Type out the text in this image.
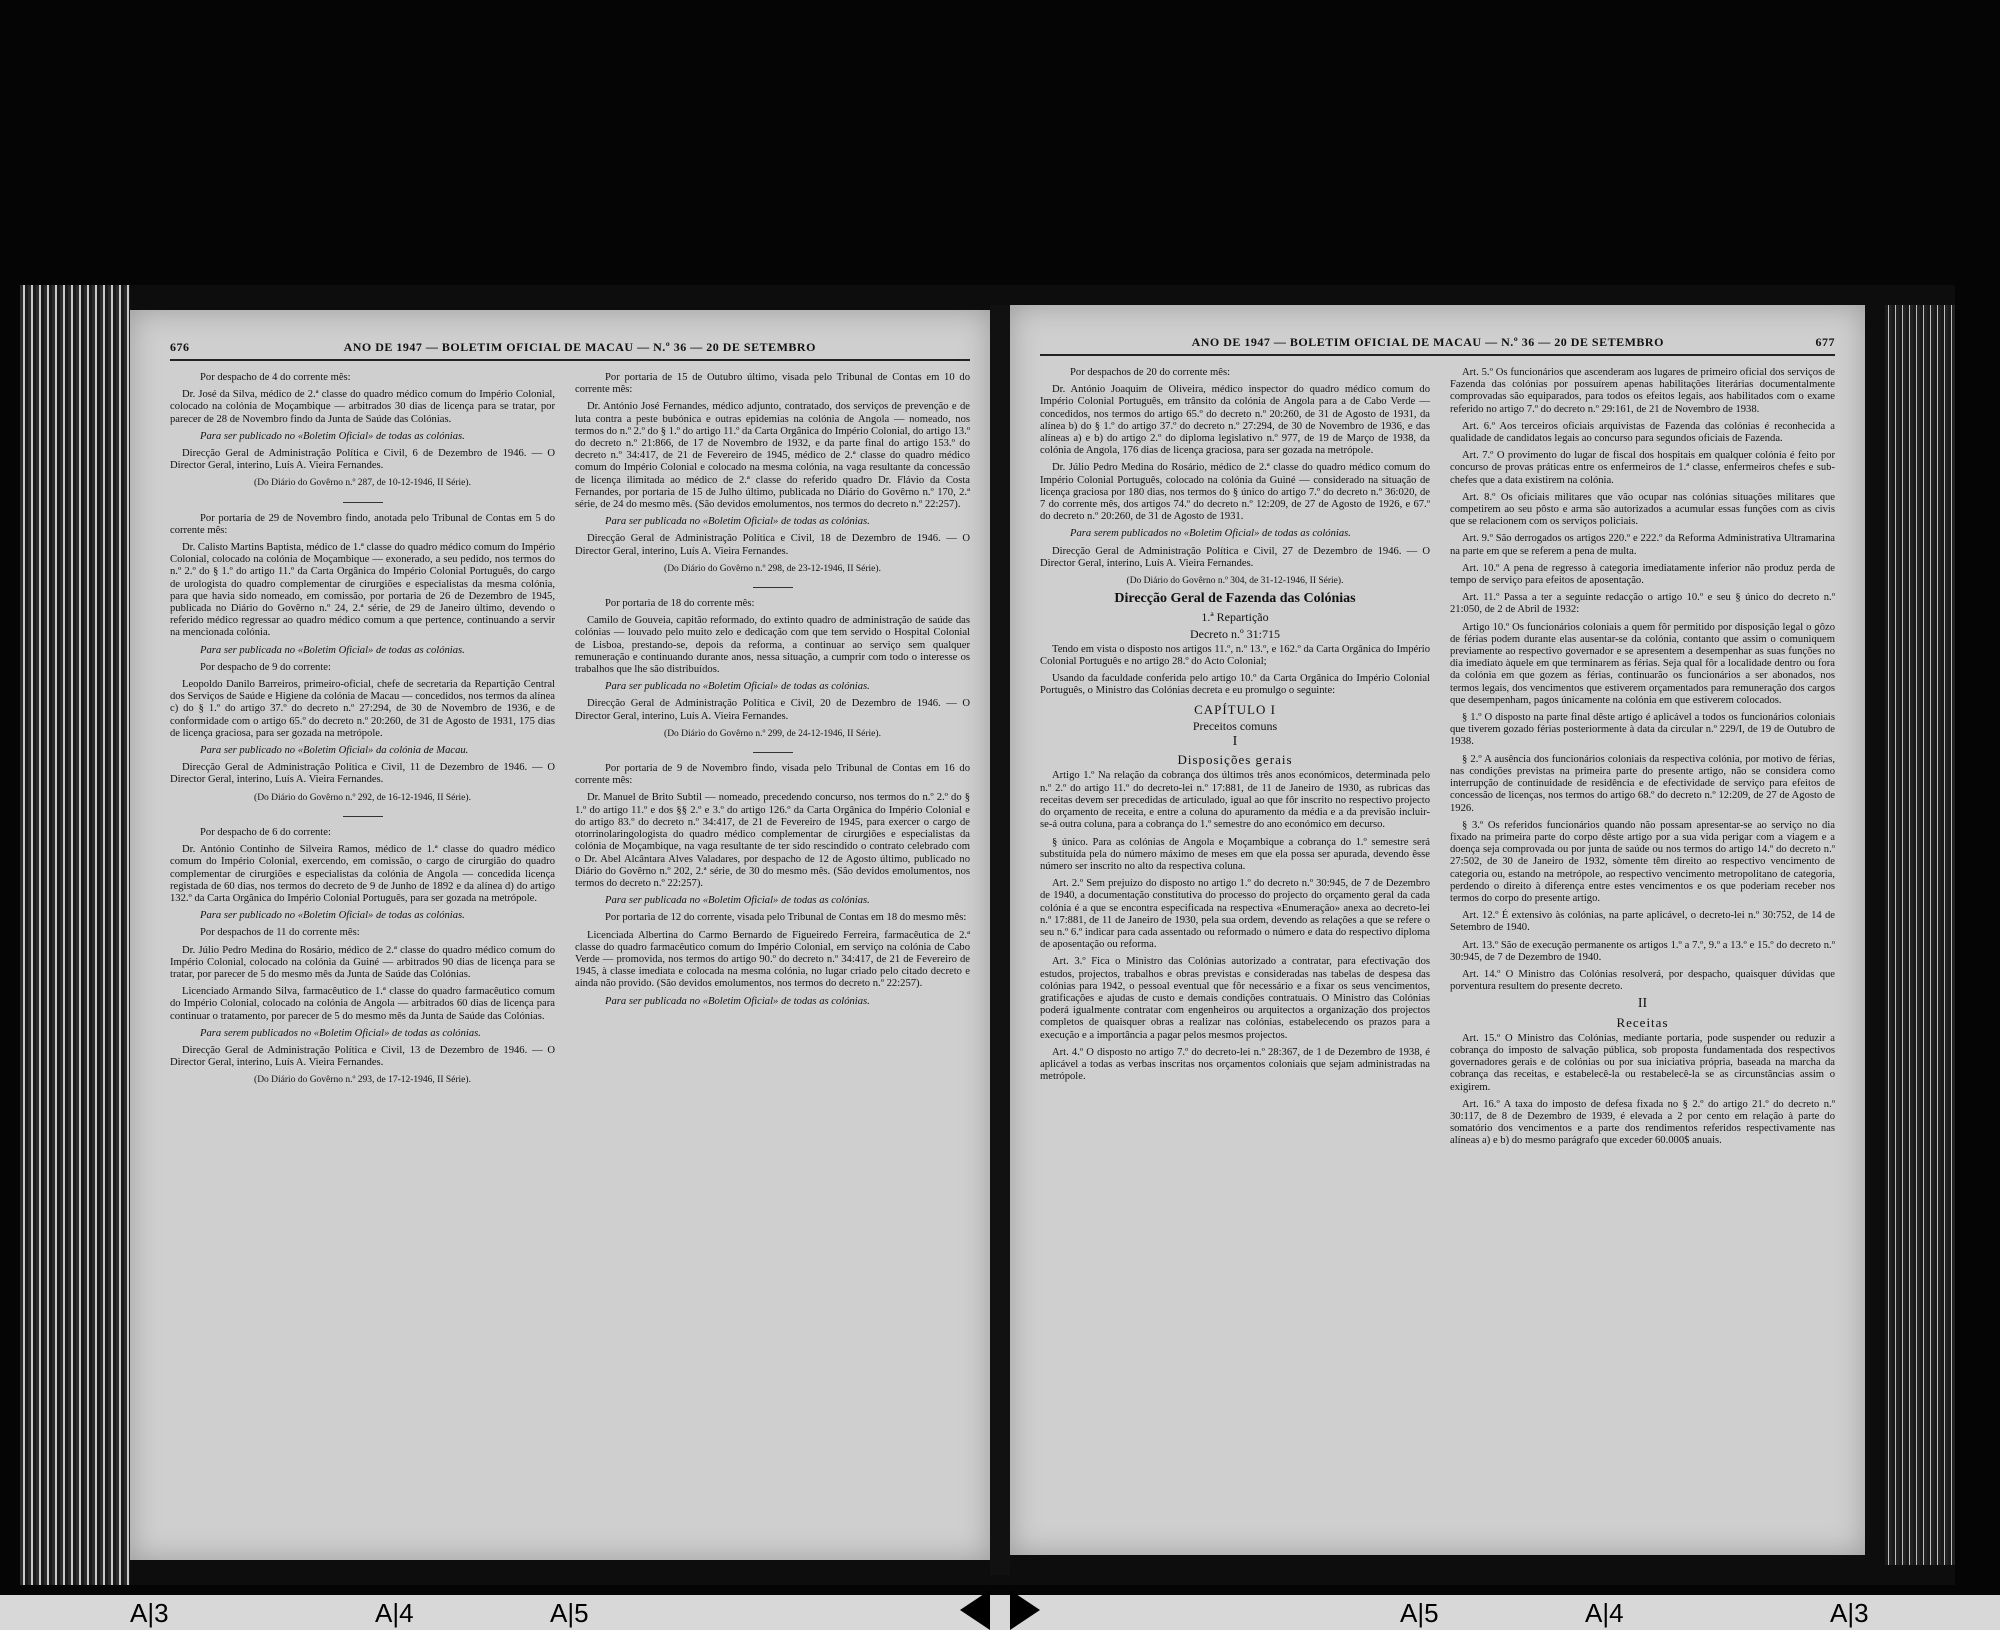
676	ANO DE 1947 — BOLETIM OFICIAL DE MACAU — N.º 36 — 20 DE SETEMBRO

Por despacho de 4 do corrente mês:

Dr. José da Silva, médico de 2.ª classe do quadro médico comum do Império Colonial, colocado na colónia de Moçambique — arbitrados 30 dias de licença para se tratar, por parecer de 28 de Novembro findo da Junta de Saúde das Colónias.

Para ser publicado no «Boletim Oficial» de todas as colónias.

Direcção Geral de Administração Política e Civil, 6 de Dezembro de 1946. — O Director Geral, interino, Luís A. Vieira Fernandes.

(Do Diário do Govêrno n.º 287, de 10-12-1946, II Série).

Por portaria de 29 de Novembro findo, anotada pelo Tribunal de Contas em 5 do corrente mês:

Dr. Calisto Martins Baptista, médico de 1.ª classe do quadro médico comum do Império Colonial, colocado na colónia de Moçambique — exonerado, a seu pedido, nos termos do n.º 2.º do § 1.º do artigo 11.º da Carta Orgânica do Império Colonial Português, do cargo de urologista do quadro complementar de cirurgiões e especialistas da mesma colónia, para que havia sido nomeado, em comissão, por portaria de 26 de Dezembro de 1945, publicada no Diário do Govêrno n.º 24, 2.ª série, de 29 de Janeiro último, devendo o referido médico regressar ao quadro médico comum a que pertence, continuando a servir na mencionada colónia.

Para ser publicada no «Boletim Oficial» de todas as colónias.

Por despacho de 9 do corrente:

Leopoldo Danilo Barreiros, primeiro-oficial, chefe de secretaria da Repartição Central dos Serviços de Saúde e Higiene da colónia de Macau — concedidos, nos termos da alínea c) do § 1.º do artigo 37.º do decreto n.º 27:294, de 30 de Novembro de 1936, e de conformidade com o artigo 65.º do decreto n.º 20:260, de 31 de Agosto de 1931, 175 dias de licença graciosa, para ser gozada na metrópole.

Para ser publicado no «Boletim Oficial» da colónia de Macau.

Direcção Geral de Administração Política e Civil, 11 de Dezembro de 1946. — O Director Geral, interino, Luís A. Vieira Fernandes.

(Do Diário do Govêrno n.º 292, de 16-12-1946, II Série).

Por despacho de 6 do corrente:

Dr. António Continho de Silveira Ramos, médico de 1.ª classe do quadro médico comum do Império Colonial, exercendo, em comissão, o cargo de cirurgião do quadro complementar de cirurgiões e especialistas da colónia de Angola — concedida licença registada de 60 dias, nos termos do decreto de 9 de Junho de 1892 e da alínea d) do artigo 132.º da Carta Orgânica do Império Colonial Português, para ser gozada na metrópole.

Para ser publicado no «Boletim Oficial» de todas as colónias.

Por despachos de 11 do corrente mês:

Dr. Júlio Pedro Medina do Rosário, médico de 2.ª classe do quadro médico comum do Império Colonial, colocado na colónia da Guiné — arbitrados 90 dias de licença para se tratar, por parecer de 5 do mesmo mês da Junta de Saúde das Colónias.

Licenciado Armando Silva, farmacêutico de 1.ª classe do quadro farmacêutico comum do Império Colonial, colocado na colónia de Angola — arbitrados 60 dias de licença para continuar o tratamento, por parecer de 5 do mesmo mês da Junta de Saúde das Colónias.

Para serem publicados no «Boletim Oficial» de todas as colónias.

Direcção Geral de Administração Política e Civil, 13 de Dezembro de 1946. — O Director Geral, interino, Luís A. Vieira Fernandes.

(Do Diário do Govêrno n.º 293, de 17-12-1946, II Série).

Por portaria de 15 de Outubro último, visada pelo Tribunal de Contas em 10 do corrente mês:

Dr. António José Fernandes, médico adjunto, contratado, dos serviços de prevenção e de luta contra a peste bubónica e outras epidemias na colónia de Angola — nomeado, nos termos do n.º 2.º do § 1.º do artigo 11.º da Carta Orgânica do Império Colonial, do artigo 13.º do decreto n.º 21:866, de 17 de Novembro de 1932, e da parte final do artigo 153.º do decreto n.º 34:417, de 21 de Fevereiro de 1945, médico de 2.ª classe do quadro médico comum do Império Colonial e colocado na mesma colónia, na vaga resultante da concessão de licença ilimitada ao médico de 2.ª classe do referido quadro Dr. Flávio da Costa Fernandes, por portaria de 15 de Julho último, publicada no Diário do Govêrno n.º 170, 2.ª série, de 24 do mesmo mês. (São devidos emolumentos, nos termos do decreto n.º 22:257).

Para ser publicada no «Boletim Oficial» de todas as colónias.

Direcção Geral de Administração Política e Civil, 18 de Dezembro de 1946. — O Director Geral, interino, Luís A. Vieira Fernandes.

(Do Diário do Govêrno n.º 298, de 23-12-1946, II Série).

Por portaria de 18 do corrente mês:

Camilo de Gouveia, capitão reformado, do extinto quadro de administração de saúde das colónias — louvado pelo muito zelo e dedicação com que tem servido o Hospital Colonial de Lisboa, prestando-se, depois da reforma, a continuar ao serviço sem qualquer remuneração e continuando durante anos, nessa situação, a cumprir com todo o interesse os trabalhos que lhe são distribuídos.

Para ser publicada no «Boletim Oficial» de todas as colónias.

Direcção Geral de Administração Política e Civil, 20 de Dezembro de 1946. — O Director Geral, interino, Luís A. Vieira Fernandes.

(Do Diário do Govêrno n.º 299, de 24-12-1946, II Série).

Por portaria de 9 de Novembro findo, visada pelo Tribunal de Contas em 16 do corrente mês:

Dr. Manuel de Brito Subtil — nomeado, precedendo concurso, nos termos do n.º 2.º do § 1.º do artigo 11.º e dos §§ 2.º e 3.º do artigo 126.º da Carta Orgânica do Império Colonial e do artigo 83.º do decreto n.º 34:417, de 21 de Fevereiro de 1945, para exercer o cargo de otorrinolaringologista do quadro médico complementar de cirurgiões e especialistas da colónia de Moçambique, na vaga resultante de ter sido rescindido o contrato celebrado com o Dr. Abel Alcântara Alves Valadares, por despacho de 12 de Agosto último, publicado no Diário do Govêrno n.º 202, 2.ª série, de 30 do mesmo mês. (São devidos emolumentos, nos termos do decreto n.º 22:257).

Para ser publicada no «Boletim Oficial» de todas as colónias.

Por portaria de 12 do corrente, visada pelo Tribunal de Contas em 18 do mesmo mês:

Licenciada Albertina do Carmo Bernardo de Figueiredo Ferreira, farmacêutica de 2.ª classe do quadro farmacêutico comum do Império Colonial, em serviço na colónia de Cabo Verde — promovida, nos termos do artigo 90.º do decreto n.º 34:417, de 21 de Fevereiro de 1945, à classe imediata e colocada na mesma colónia, no lugar criado pelo citado decreto e ainda não provido. (São devidos emolumentos, nos termos do decreto n.º 22:257).

Para ser publicada no «Boletim Oficial» de todas as colónias.

ANO DE 1947 — BOLETIM OFICIAL DE MACAU — N.º 36 — 20 DE SETEMBRO	677

Por despachos de 20 do corrente mês:

Dr. António Joaquim de Oliveira, médico inspector do quadro médico comum do Império Colonial Português, em trânsito da colónia de Angola para a de Cabo Verde — concedidos, nos termos do artigo 65.º do decreto n.º 20:260, de 31 de Agosto de 1931, da alínea b) do § 1.º do artigo 37.º do decreto n.º 27:294, de 30 de Novembro de 1936, e das alíneas a) e b) do artigo 2.º do diploma legislativo n.º 977, de 19 de Março de 1938, da colónia de Angola, 176 dias de licença graciosa, para ser gozada na metrópole.

Dr. Júlio Pedro Medina do Rosário, médico de 2.ª classe do quadro médico comum do Império Colonial Português, colocado na colónia da Guiné — considerado na situação de licença graciosa por 180 dias, nos termos do § único do artigo 7.º do decreto n.º 36:020, de 7 do corrente mês, dos artigos 74.º do decreto n.º 12:209, de 27 de Agosto de 1926, e 67.º do decreto n.º 20:260, de 31 de Agosto de 1931.

Para serem publicados no «Boletim Oficial» de todas as colónias.

Direcção Geral de Administração Política e Civil, 27 de Dezembro de 1946. — O Director Geral, interino, Luís A. Vieira Fernandes.

(Do Diário do Govêrno n.º 304, de 31-12-1946, II Série).

Direcção Geral de Fazenda das Colónias
1.ª Repartição
Decreto n.º 31:715

Tendo em vista o disposto nos artigos 11.º, n.º 13.º, e 162.º da Carta Orgânica do Império Colonial Português e no artigo 28.º do Acto Colonial;

Usando da faculdade conferida pelo artigo 10.º da Carta Orgânica do Império Colonial Português, o Ministro das Colónias decreta e eu promulgo o seguinte:

CAPÍTULO I
Preceitos comuns

I

Disposições gerais

Artigo 1.º Na relação da cobrança dos últimos três anos económicos, determinada pelo n.º 2.º do artigo 11.º do decreto-lei n.º 17:881, de 11 de Janeiro de 1930, as rubricas das receitas devem ser precedidas de articulado, igual ao que fôr inscrito no respectivo projecto do orçamento de receita, e entre a coluna do apuramento da média e a da previsão incluir-se-á outra coluna, para a cobrança do 1.º semestre do ano económico em decurso.

§ único. Para as colónias de Angola e Moçambique a cobrança do 1.º semestre será substituída pela do número máximo de meses em que ela possa ser apurada, devendo êsse número ser inscrito no alto da respectiva coluna.

Art. 2.º Sem prejuízo do disposto no artigo 1.º do decreto n.º 30:945, de 7 de Dezembro de 1940, a documentação constitutiva do processo do projecto do orçamento geral da cada colónia é a que se encontra especificada na respectiva «Enumeração» anexa ao decreto-lei n.º 17:881, de 11 de Janeiro de 1930, pela sua ordem, devendo as relações a que se refere o seu n.º 6.º indicar para cada assentado ou reformado o número e data do respectivo diploma de aposentação ou reforma.

Art. 3.º Fica o Ministro das Colónias autorizado a contratar, para efectivação dos estudos, projectos, trabalhos e obras previstas e consideradas nas tabelas de despesa das colónias para 1942, o pessoal eventual que fôr necessário e a fixar os seus vencimentos, gratificações e ajudas de custo e demais condições contratuais. O Ministro das Colónias poderá igualmente contratar com engenheiros ou arquitectos a organização dos projectos completos de quaisquer obras a realizar nas colónias, estabelecendo os prazos para a execução e a importância a pagar pelos mesmos projectos.

Art. 4.º O disposto no artigo 7.º do decreto-lei n.º 28:367, de 1 de Dezembro de 1938, é aplicável a todas as verbas inscritas nos orçamentos coloniais que sejam administradas na metrópole.

Art. 5.º Os funcionários que ascenderam aos lugares de primeiro oficial dos serviços de Fazenda das colónias por possuírem apenas habilitações literárias documentalmente comprovadas são equiparados, para todos os efeitos legais, aos habilitados com o exame referido no artigo 7.º do decreto n.º 29:161, de 21 de Novembro de 1938.

Art. 6.º Aos terceiros oficiais arquivistas de Fazenda das colónias é reconhecida a qualidade de candidatos legais ao concurso para segundos oficiais de Fazenda.

Art. 7.º O provimento do lugar de fiscal dos hospitais em qualquer colónia é feito por concurso de provas práticas entre os enfermeiros de 1.ª classe, enfermeiros chefes e sub-chefes que a data existirem na colónia.

Art. 8.º Os oficiais militares que vão ocupar nas colónias situações militares que competirem ao seu pôsto e arma são autorizados a acumular essas funções com as civis que se relacionem com os serviços policiais.

Art. 9.º São derrogados os artigos 220.º e 222.º da Reforma Administrativa Ultramarina na parte em que se referem a pena de multa.

Art. 10.º A pena de regresso à categoria imediatamente inferior não produz perda de tempo de serviço para efeitos de aposentação.

Art. 11.º Passa a ter a seguinte redacção o artigo 10.º e seu § único do decreto n.º 21:050, de 2 de Abril de 1932:

Artigo 10.º Os funcionários coloniais a quem fôr permitido por disposição legal o gôzo de férias podem durante elas ausentar-se da colónia, contanto que assim o comuniquem previamente ao respectivo governador e se apresentem a desempenhar as suas funções no dia imediato àquele em que terminarem as férias. Seja qual fôr a localidade dentro ou fora da colónia em que gozem as férias, continuarão os funcionários a ser abonados, nos termos legais, dos vencimentos que estiverem orçamentados para remuneração dos cargos que desempenham, pagos únicamente na colónia em que estiverem colocados.

§ 1.º O disposto na parte final dêste artigo é aplicável a todos os funcionários coloniais que tiverem gozado férias posteriormente à data da circular n.º 229/I, de 19 de Outubro de 1938.

§ 2.º A ausência dos funcionários coloniais da respectiva colónia, por motivo de férias, nas condições previstas na primeira parte do presente artigo, não se considera como interrupção de continuidade de residência e de efectividade de serviço para efeitos de concessão de licenças, nos termos do artigo 68.º do decreto n.º 12:209, de 27 de Agosto de 1926.

§ 3.º Os referidos funcionários quando não possam apresentar-se ao serviço no dia fixado na primeira parte do corpo dêste artigo por a sua vida perigar com a viagem e a doença seja comprovada ou por junta de saúde ou nos termos do artigo 14.º do decreto n.º 27:502, de 30 de Janeiro de 1932, sòmente têm direito ao respectivo vencimento de categoria ou, estando na metrópole, ao respectivo vencimento metropolitano de categoria, perdendo o direito à diferença entre estes vencimentos e os que poderiam receber nos termos do corpo do presente artigo.

Art. 12.º É extensivo às colónias, na parte aplicável, o decreto-lei n.º 30:752, de 14 de Setembro de 1940.

Art. 13.º São de execução permanente os artigos 1.º a 7.º, 9.º a 13.º e 15.º do decreto n.º 30:945, de 7 de Dezembro de 1940.

Art. 14.º O Ministro das Colónias resolverá, por despacho, quaisquer dúvidas que porventura resultem do presente decreto.

II

Receitas

Art. 15.º O Ministro das Colónias, mediante portaria, pode suspender ou reduzir a cobrança do imposto de salvação pública, sob proposta fundamentada dos respectivos governadores gerais e de colónias ou por sua iniciativa própria, baseada na marcha da cobrança das receitas, e estabelecê-la ou restabelecê-la se as circunstâncias assim o exigirem.

Art. 16.º A taxa do imposto de defesa fixada no § 2.º do artigo 21.º do decreto n.º 30:117, de 8 de Dezembro de 1939, é elevada a 2 por cento em relação à parte do somatório dos vencimentos e a parte dos rendimentos referidos respectivamente nas alíneas a) e b) do mesmo parágrafo que exceder 60.000$ anuais.

A|3	A|4	A|5	A|5	A|4	A|3
